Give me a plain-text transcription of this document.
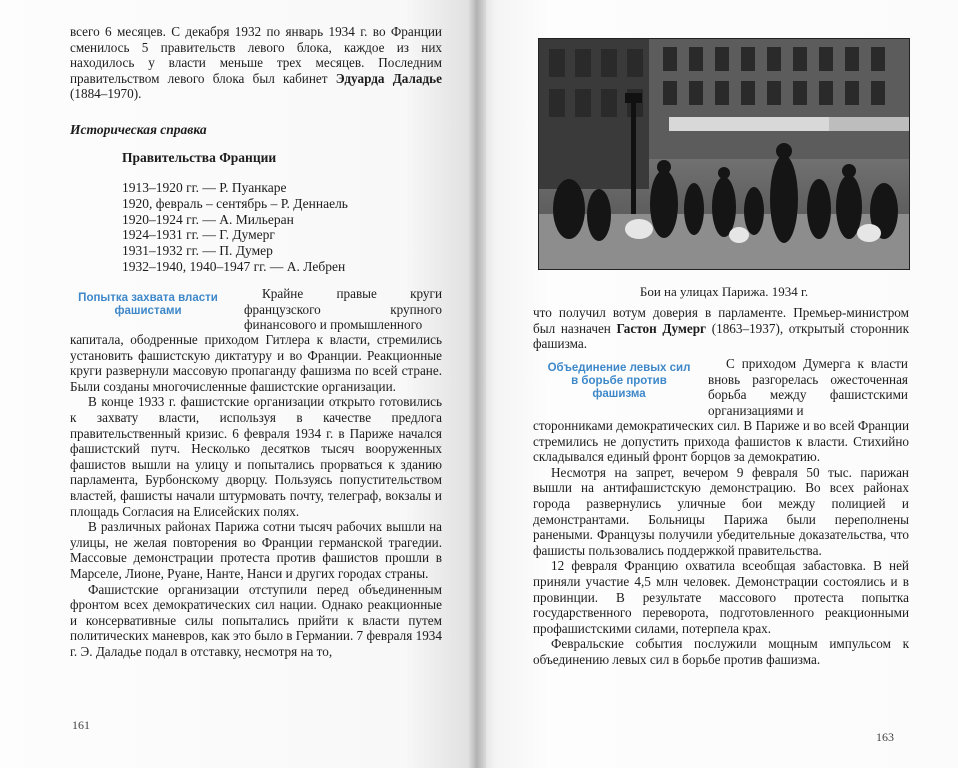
всего 6 месяцев. С декабря 1932 по январь 1934 г. во Франции сменилось 5 правительств левого блока, каждое из них находилось у власти меньше трех месяцев. Последним правительством левого блока был кабинет Эдуарда Даладье (1884–1970).

Историческая справка
Правительства Франции
1913–1920 гг. — Р. Пуанкаре
1920, февраль – сентябрь – Р. Деннаель
1920–1924 гг. — А. Мильеран
1924–1931 гг. — Г. Думерг
1931–1932 гг. — П. Думер
1932–1940, 1940–1947 гг. — А. Лебрен
Попытка захвата власти фашистами
Крайне правые круги французского крупного финансового и промышленного

капитала, ободренные приходом Гитлера к власти, стремились установить фашистскую диктатуру и во Франции. Реакционные круги развернули массовую пропаганду фашизма по всей стране. Были созданы многочисленные фашистские организации.

В конце 1933 г. фашистские организации открыто готовились к захвату власти, используя в качестве предлога правительственный кризис. 6 февраля 1934 г. в Париже начался фашистский путч. Несколько десятков тысяч вооруженных фашистов вышли на улицу и попытались прорваться к зданию парламента, Бурбонскому дворцу. Пользуясь попустительством властей, фашисты начали штурмовать почту, телеграф, вокзалы и площадь Согласия на Елисейских полях.

В различных районах Парижа сотни тысяч рабочих вышли на улицы, не желая повторения во Франции германской трагедии. Массовые демонстрации протеста против фашистов прошли в Марселе, Лионе, Руане, Нанте, Нанси и других городах страны.

Фашистские организации отступили перед объединенным фронтом всех демократических сил нации. Однако реакционные и консервативные силы попытались прийти к власти путем политических маневров, как это было в Германии. 7 февраля 1934 г. Э. Даладье подал в отставку, несмотря на то,

161
Бои на улицах Парижа. 1934 г.

что получил вотум доверия в парламенте. Премьер-министром был назначен Гастон Думерг (1863–1937), открытый сторонник фашизма.

Объединение левых сил в борьбе против фашизма
С приходом Думерга к власти вновь разгорелась ожесточенная борьба между фашистскими организациями и

сторонниками демократических сил. В Париже и во всей Франции стремились не допустить прихода фашистов к власти. Стихийно складывался единый фронт борцов за демократию.

Несмотря на запрет, вечером 9 февраля 50 тыс. парижан вышли на антифашистскую демонстрацию. Во всех районах города развернулись уличные бои между полицией и демонстрантами. Больницы Парижа были переполнены ранеными. Французы получили убедительные доказательства, что фашисты пользовались поддержкой правительства.

12 февраля Францию охватила всеобщая забастовка. В ней приняли участие 4,5 млн человек. Демонстрации состоялись и в провинции. В результате массового протеста попытка государственного переворота, подготовленного реакционными профашистскими силами, потерпела крах.

Февральские события послужили мощным импульсом к объединению левых сил в борьбе против фашизма.

163
